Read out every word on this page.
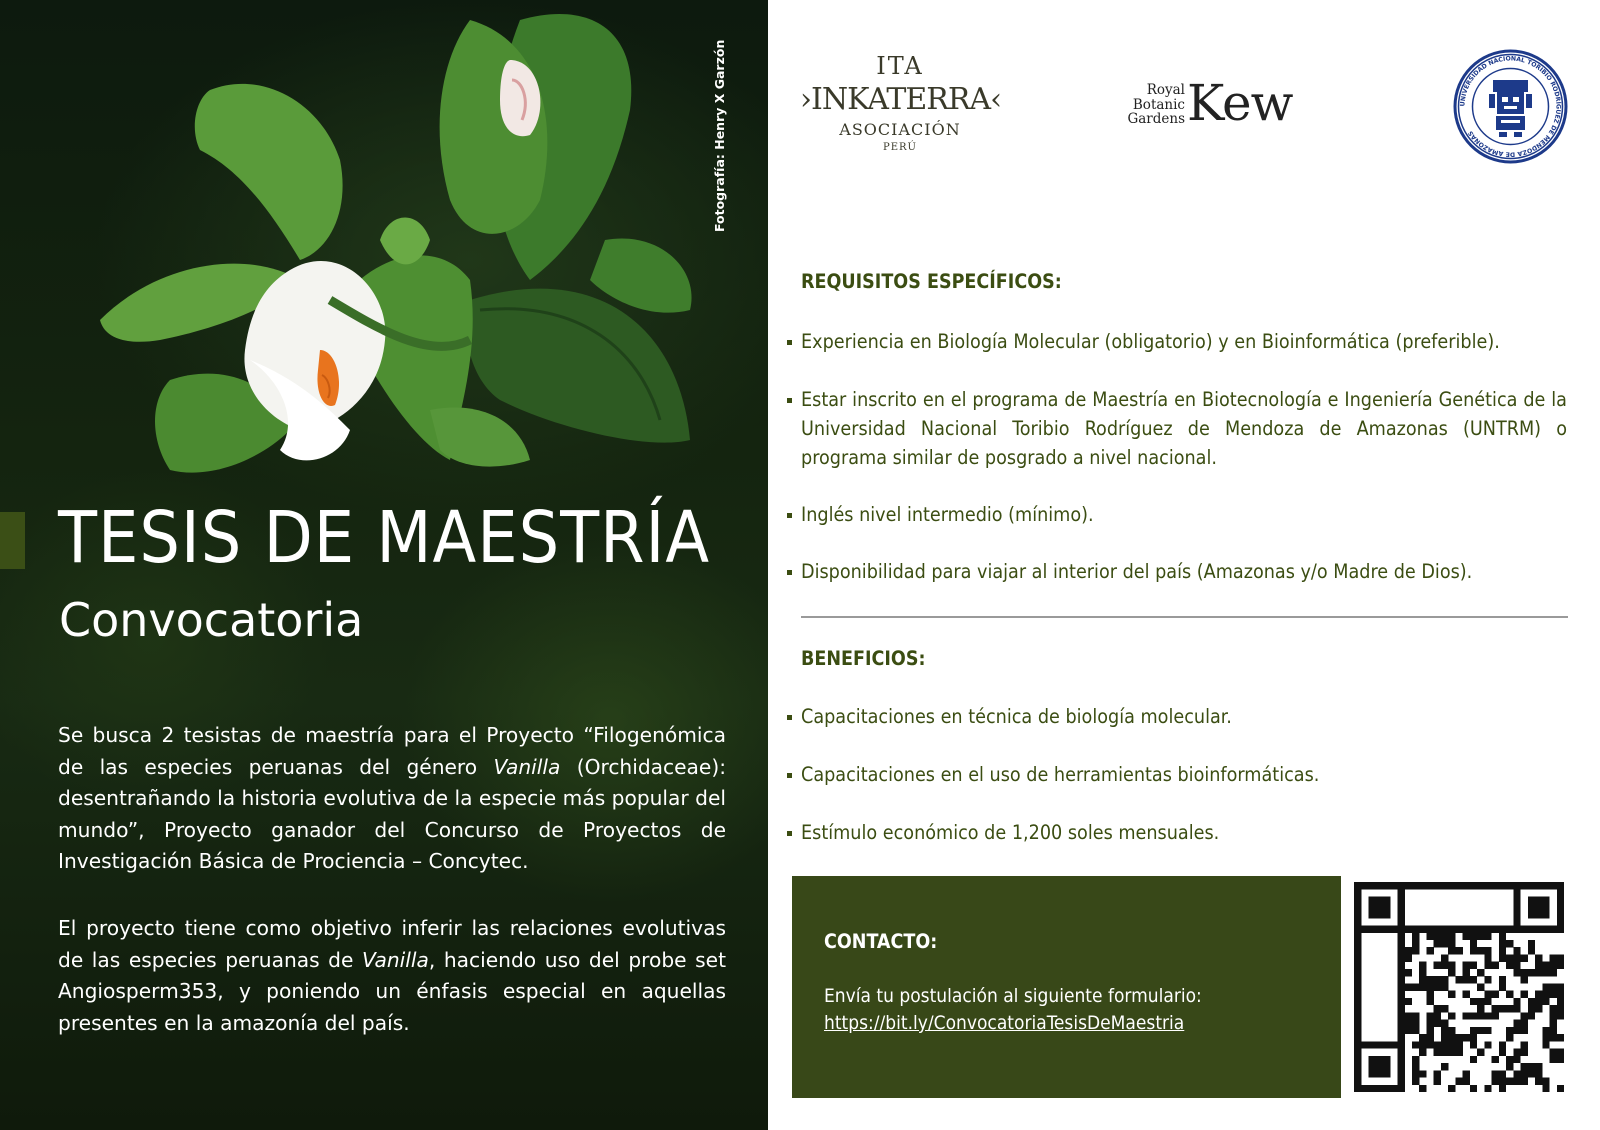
Fotografía: Henry X Garzón
TESIS DE MAESTRÍA
Convocatoria

Se busca 2 tesistas de maestría para el Proyecto “Filogenómica de las especies peruanas del género Vanilla (Orchidaceae): desentrañando la historia evolutiva de la especie más popular del mundo”, Proyecto ganador del Concurso de Proyectos de Investigación Básica de Prociencia – Concytec.

El proyecto tiene como objetivo inferir las relaciones evolutivas de las especies peruanas de Vanilla, haciendo uso del probe set Angiosperm353, y poniendo un énfasis especial en aquellas presentes en la amazonía del país.

ITA
›INKATERRA‹
ASOCIACIÓN
PERÚ
Royal
Botanic
Gardens Kew	UNIVERSIDAD NACIONAL TORIBIO RODRÍGUEZ DE MENDOZA DE AMAZONAS
REQUISITOS ESPECÍFICOS:
Experiencia en Biología Molecular (obligatorio) y en Bioinformática (preferible).
Estar inscrito en el programa de Maestría en Biotecnología e Ingeniería Genética de la Universidad Nacional Toribio Rodríguez de Mendoza de Amazonas (UNTRM) o programa similar de posgrado a nivel nacional.
Inglés nivel intermedio (mínimo).
Disponibilidad para viajar al interior del país (Amazonas y/o Madre de Dios).
BENEFICIOS:
Capacitaciones en técnica de biología molecular.
Capacitaciones en el uso de herramientas bioinformáticas.
Estímulo económico de 1,200 soles mensuales.
CONTACTO:
Envía tu postulación al siguiente formulario:
https://bit.ly/ConvocatoriaTesisDeMaestria
